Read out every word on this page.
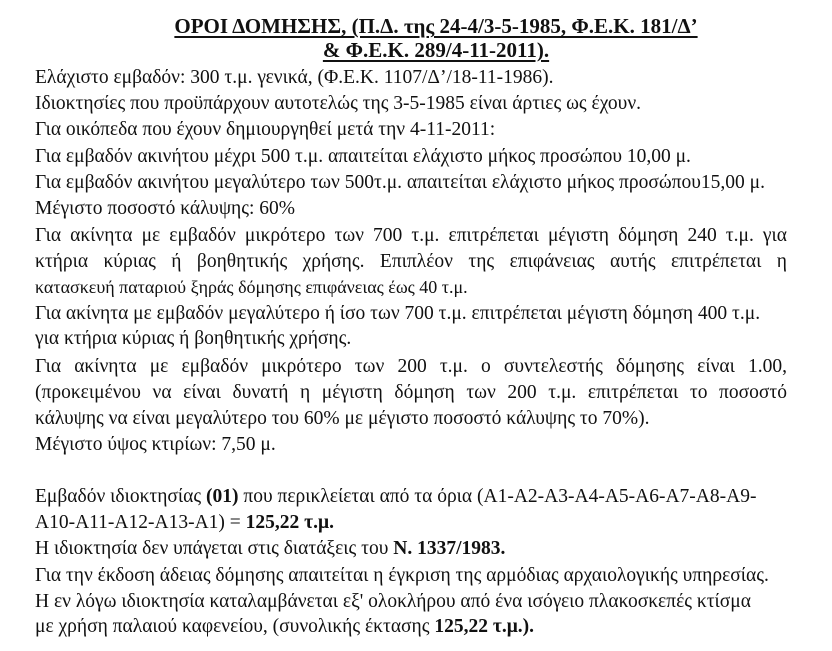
ΟΡΟΙ ΔΟΜΗΣΗΣ, (Π.Δ. της 24-4/3-5-1985, Φ.Ε.Κ. 181/Δ’
& Φ.Ε.Κ. 289/4-11-2011).
Ελάχιστο εμβαδόν: 300 τ.μ. γενικά, (Φ.Ε.Κ. 1107/Δ’/18-11-1986).
Ιδιοκτησίες που προϋπάρχουν αυτοτελώς της 3-5-1985 είναι άρτιες ως έχουν.
Για οικόπεδα που έχουν δημιουργηθεί μετά την 4-11-2011:
Για εμβαδόν ακινήτου μέχρι 500 τ.μ. απαιτείται ελάχιστο μήκος προσώπου 10,00 μ.
Για εμβαδόν ακινήτου μεγαλύτερο των 500τ.μ. απαιτείται ελάχιστο μήκος προσώπου15,00 μ.
Μέγιστο ποσοστό κάλυψης: 60%
Για ακίνητα με εμβαδόν μικρότερο των 700 τ.μ. επιτρέπεται μέγιστη δόμηση 240 τ.μ. για
κτήρια κύριας ή βοηθητικής χρήσης. Επιπλέον της επιφάνειας αυτής επιτρέπεται η
κατασκευή παταριού ξηράς δόμησης επιφάνειας έως 40 τ.μ.
Για ακίνητα με εμβαδόν μεγαλύτερο ή ίσο των 700 τ.μ. επιτρέπεται μέγιστη δόμηση 400 τ.μ.
για κτήρια κύριας ή βοηθητικής χρήσης.
Για ακίνητα με εμβαδόν μικρότερο των 200 τ.μ. ο συντελεστής δόμησης είναι 1.00,
(προκειμένου να είναι δυνατή η μέγιστη δόμηση των 200 τ.μ. επιτρέπεται το ποσοστό
κάλυψης να είναι μεγαλύτερο του 60% με μέγιστο ποσοστό κάλυψης το 70%).
Μέγιστο ύψος κτιρίων: 7,50 μ.
Εμβαδόν ιδιοκτησίας (01) που περικλείεται από τα όρια (Α1-Α2-Α3-Α4-Α5-Α6-Α7-Α8-Α9-
Α10-Α11-Α12-Α13-Α1) = 125,22 τ.μ.
Η ιδιοκτησία δεν υπάγεται στις διατάξεις του Ν. 1337/1983.
Για την έκδοση άδειας δόμησης απαιτείται η έγκριση της αρμόδιας αρχαιολογικής υπηρεσίας.
Η εν λόγω ιδιοκτησία καταλαμβάνεται εξ' ολοκλήρου από ένα ισόγειο πλακοσκεπές κτίσμα
με χρήση παλαιού καφενείου, (συνολικής έκτασης 125,22 τ.μ.).
